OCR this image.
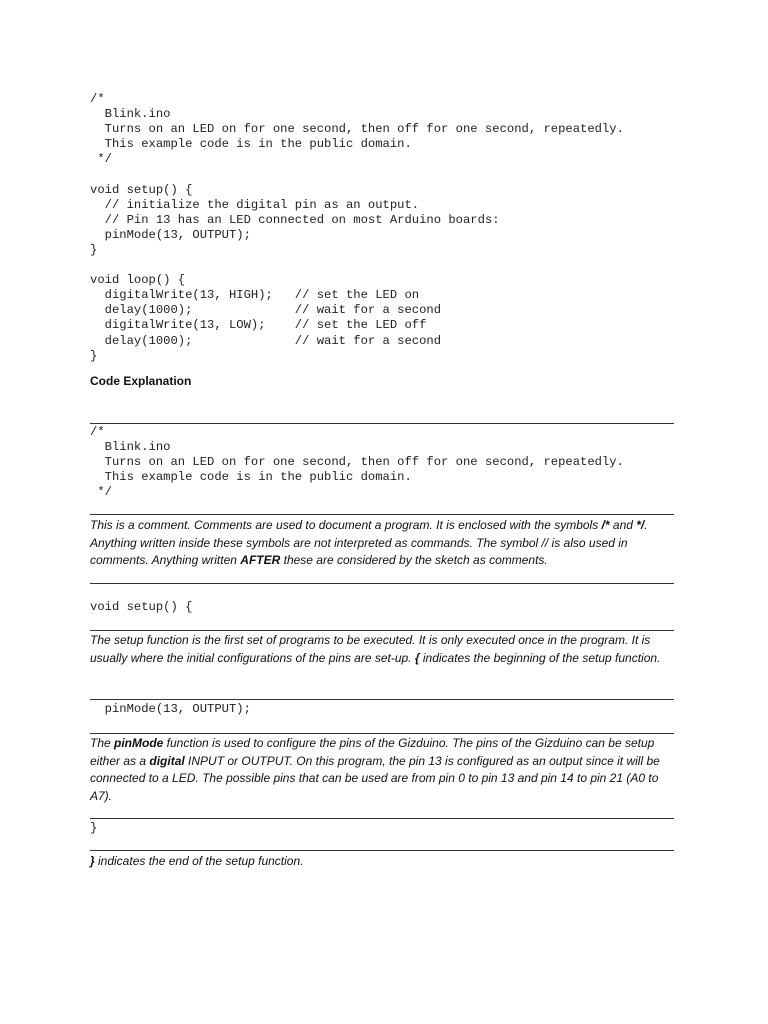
/*
Blink.ino
Turns on an LED on for one second, then off for one second, repeatedly.
This example code is in the public domain.
*/

void setup() {
// initialize the digital pin as an output.
// Pin 13 has an LED connected on most Arduino boards:
pinMode(13, OUTPUT);
}

void loop() {
digitalWrite(13, HIGH);   // set the LED on
delay(1000);              // wait for a second
digitalWrite(13, LOW);    // set the LED off
delay(1000);              // wait for a second
}
Code Explanation
/*
Blink.ino
Turns on an LED on for one second, then off for one second, repeatedly.
This example code is in the public domain.
*/

This is a comment. Comments are used to document a program. It is enclosed with the symbols /* and */. Anything written inside these symbols are not interpreted as commands. The symbol // is also used in comments. Anything written AFTER these are considered by the sketch as comments.

void setup() {

The setup function is the first set of programs to be executed. It is only executed once in the program. It is usually where the initial configurations of the pins are set-up. { indicates the beginning of the setup function.

pinMode(13, OUTPUT);

The pinMode function is used to configure the pins of the Gizduino. The pins of the Gizduino can be setup either as a digital INPUT or OUTPUT. On this program, the pin 13 is configured as an output since it will be connected to a LED. The possible pins that can be used are from pin 0 to pin 13 and pin 14 to pin 21 (A0 to A7).

}

} indicates the end of the setup function.
